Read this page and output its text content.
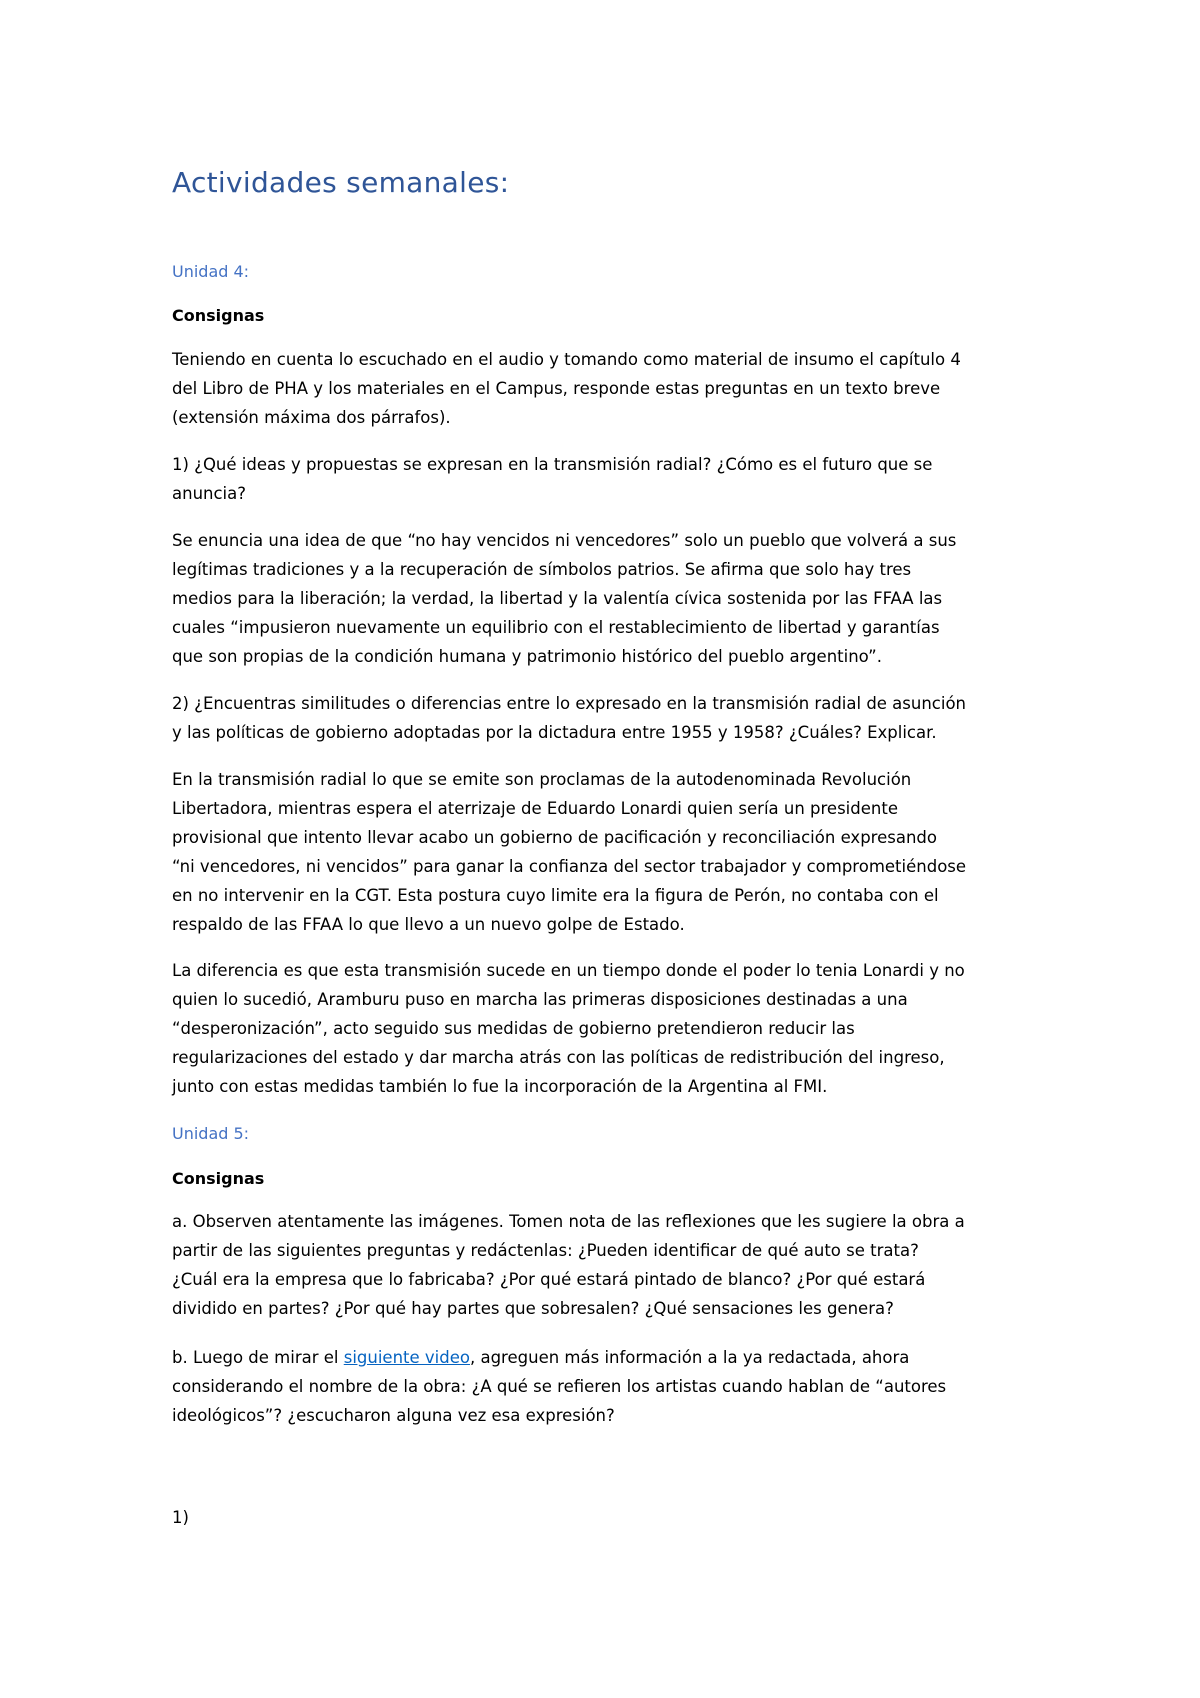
Actividades semanales:
Unidad 4:
Consignas

Teniendo en cuenta lo escuchado en el audio y tomando como material de insumo el capítulo 4
del Libro de PHA y los materiales en el Campus, responde estas preguntas en un texto breve
(extensión máxima dos párrafos).

1) ¿Qué ideas y propuestas se expresan en la transmisión radial? ¿Cómo es el futuro que se
anuncia?

Se enuncia una idea de que “no hay vencidos ni vencedores” solo un pueblo que volverá a sus
legítimas tradiciones y a la recuperación de símbolos patrios. Se afirma que solo hay tres
medios para la liberación; la verdad, la libertad y la valentía cívica sostenida por las FFAA las
cuales “impusieron nuevamente un equilibrio con el restablecimiento de libertad y garantías
que son propias de la condición humana y patrimonio histórico del pueblo argentino”.

2) ¿Encuentras similitudes o diferencias entre lo expresado en la transmisión radial de asunción
y las políticas de gobierno adoptadas por la dictadura entre 1955 y 1958? ¿Cuáles? Explicar.

En la transmisión radial lo que se emite son proclamas de la autodenominada Revolución
Libertadora, mientras espera el aterrizaje de Eduardo Lonardi quien sería un presidente
provisional que intento llevar acabo un gobierno de pacificación y reconciliación expresando
“ni vencedores, ni vencidos” para ganar la confianza del sector trabajador y comprometiéndose
en no intervenir en la CGT. Esta postura cuyo limite era la figura de Perón, no contaba con el
respaldo de las FFAA lo que llevo a un nuevo golpe de Estado.

La diferencia es que esta transmisión sucede en un tiempo donde el poder lo tenia Lonardi y no
quien lo sucedió, Aramburu puso en marcha las primeras disposiciones destinadas a una
“desperonización”, acto seguido sus medidas de gobierno pretendieron reducir las
regularizaciones del estado y dar marcha atrás con las políticas de redistribución del ingreso,
junto con estas medidas también lo fue la incorporación de la Argentina al FMI.

Unidad 5:
Consignas

a. Observen atentamente las imágenes. Tomen nota de las reflexiones que les sugiere la obra a
partir de las siguientes preguntas y redáctenlas: ¿Pueden identificar de qué auto se trata?
¿Cuál era la empresa que lo fabricaba? ¿Por qué estará pintado de blanco? ¿Por qué estará
dividido en partes? ¿Por qué hay partes que sobresalen? ¿Qué sensaciones les genera?

b. Luego de mirar el siguiente video, agreguen más información a la ya redactada, ahora
considerando el nombre de la obra: ¿A qué se refieren los artistas cuando hablan de “autores
ideológicos”? ¿escucharon alguna vez esa expresión?

1)
